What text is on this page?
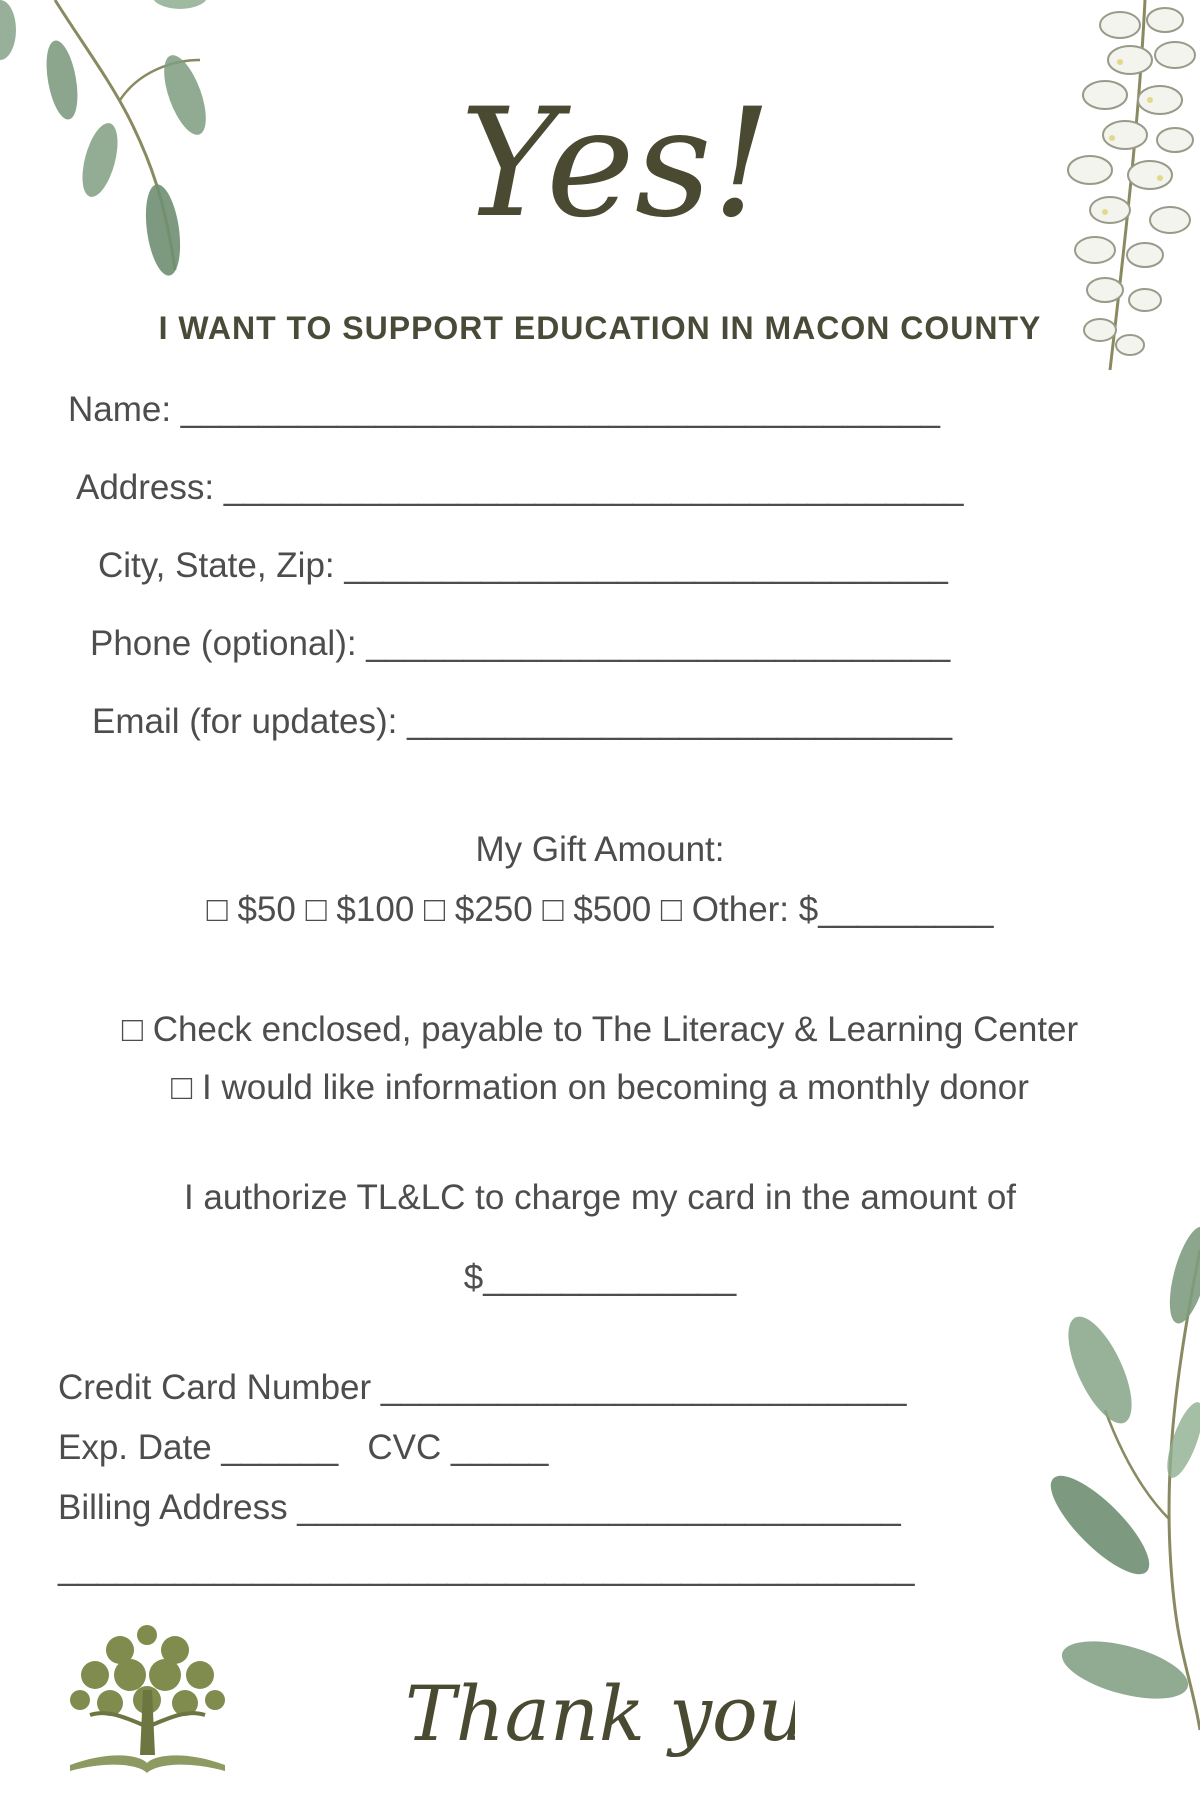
Yes!
I WANT TO SUPPORT EDUCATION IN MACON COUNTY
Name: _______________________________________
Address: ______________________________________
City, State, Zip: _______________________________
Phone (optional): ______________________________
Email (for updates): ____________________________
My Gift Amount:
□ $50 □ $100 □ $250 □ $500 □ Other: $_________
□ Check enclosed, payable to The Literacy & Learning Center
□ I would like information on becoming a monthly donor
I authorize TL&LC to charge my card in the amount of
$_____________
Credit Card Number ___________________________
Exp. Date ______   CVC _____
Billing Address _______________________________
____________________________________________
Thank you!
